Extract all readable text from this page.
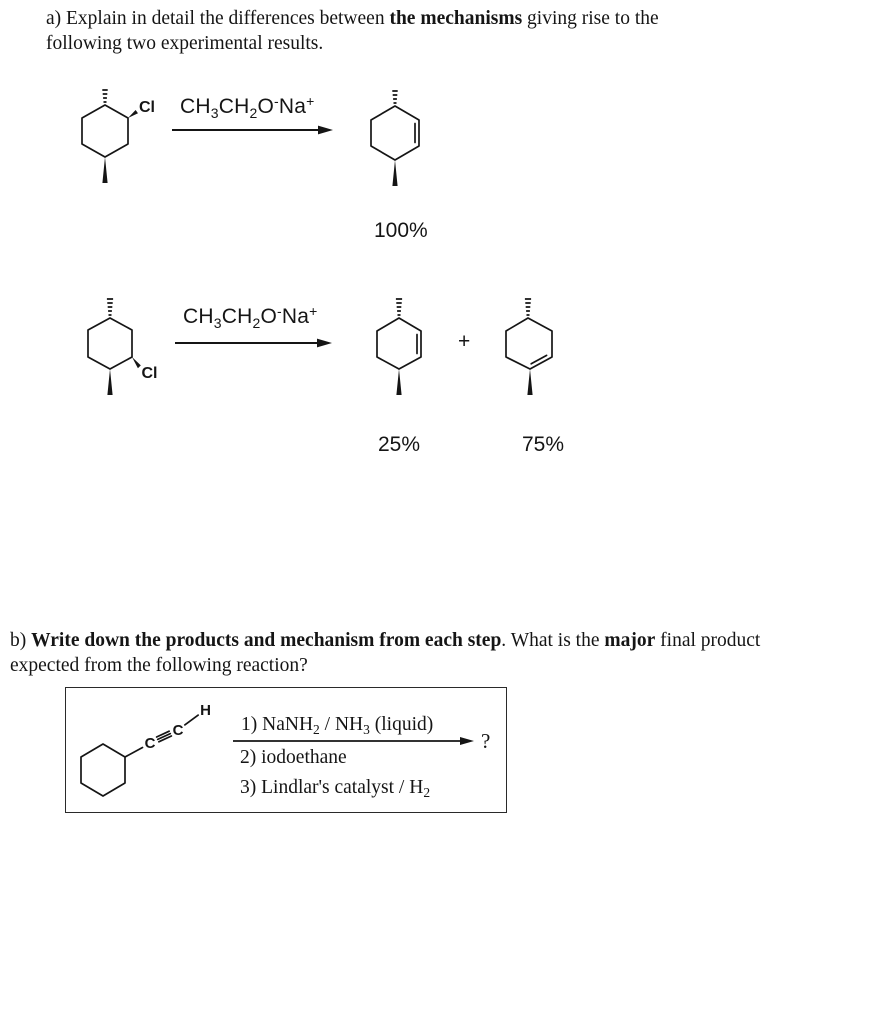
a) Explain in detail the differences between the mechanisms giving rise to the
following two experimental results.

Cl $CH_3CH_2O^-Na^+$
100%
Cl
$CH_3CH_2O^-Na^+$
+
25%	75%

b) Write down the products and mechanism from each step. What is the major final product
expected from the following reaction?

C
C
H
1) NaNH$_2$ / $NH_3$ (liquid)
?
2) iodoethane
3) Lindlar's catalyst / $H_2$
